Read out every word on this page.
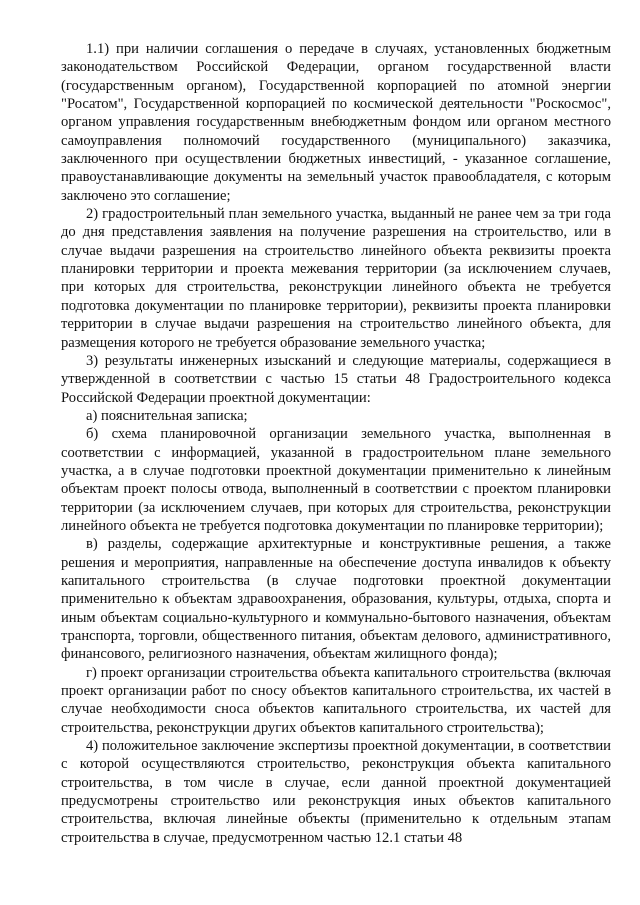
1.1) при наличии соглашения о передаче в случаях, установленных бюджетным законодательством Российской Федерации, органом государственной власти (государственным органом), Государственной корпорацией по атомной энергии "Росатом", Государственной корпорацией по космической деятельности "Роскосмос", органом управления государственным внебюджетным фондом или органом местного самоуправления полномочий государственного (муниципального) заказчика, заключенного при осуществлении бюджетных инвестиций, - указанное соглашение, правоустанавливающие документы на земельный участок правообладателя, с которым заключено это соглашение;

2) градостроительный план земельного участка, выданный не ранее чем за три года до дня представления заявления на получение разрешения на строительство, или в случае выдачи разрешения на строительство линейного объекта реквизиты проекта планировки территории и проекта межевания территории (за исключением случаев, при которых для строительства, реконструкции линейного объекта не требуется подготовка документации по планировке территории), реквизиты проекта планировки территории в случае выдачи разрешения на строительство линейного объекта, для размещения которого не требуется образование земельного участка;

3) результаты инженерных изысканий и следующие материалы, содержащиеся в утвержденной в соответствии с частью 15 статьи 48 Градостроительного кодекса Российской Федерации проектной документации:

а) пояснительная записка;

б) схема планировочной организации земельного участка, выполненная в соответствии с информацией, указанной в градостроительном плане земельного участка, а в случае подготовки проектной документации применительно к линейным объектам проект полосы отвода, выполненный в соответствии с проектом планировки территории (за исключением случаев, при которых для строительства, реконструкции линейного объекта не требуется подготовка документации по планировке территории);

в) разделы, содержащие архитектурные и конструктивные решения, а также решения и мероприятия, направленные на обеспечение доступа инвалидов к объекту капитального строительства (в случае подготовки проектной документации применительно к объектам здравоохранения, образования, культуры, отдыха, спорта и иным объектам социально-культурного и коммунально-бытового назначения, объектам транспорта, торговли, общественного питания, объектам делового, административного, финансового, религиозного назначения, объектам жилищного фонда);

г) проект организации строительства объекта капитального строительства (включая проект организации работ по сносу объектов капитального строительства, их частей в случае необходимости сноса объектов капитального строительства, их частей для строительства, реконструкции других объектов капитального строительства);

4) положительное заключение экспертизы проектной документации, в соответствии с которой осуществляются строительство, реконструкция объекта капитального строительства, в том числе в случае, если данной проектной документацией предусмотрены строительство или реконструкция иных объектов капитального строительства, включая линейные объекты (применительно к отдельным этапам строительства в случае, предусмотренном частью 12.1 статьи 48
